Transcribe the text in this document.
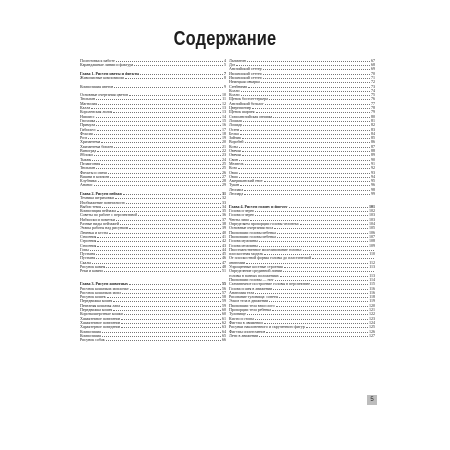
Содержание
Подготовка к работе	4
Карандашные линии и фактура	5
Глава 1. Рисуем цветы и фрукты	7
Живописные композиции	8
Композиция цветов	9
Основные очертания цветов	10
Тюльпан	11
Магнолия	12
Калла	13
Королевская лилия	13
Нарцисс	14
Гвоздика	15
Примула	16
Гибискус	17
Фуксия	18
Роза	19
Хризантема	20
Хризантема бордер	21
Виноград	22
Яблоки	23
Тыквы	24
Пеларгония	25
Тюльпан	25
Фрукты и орехи	26
Вишни в корзине	27
Клубника	28
Ананас	29
Глава 2. Рисуем пейзаж	31
Техника штриховки	32
Изображение поверхности	33
Выбор темы	34
Композиция пейзажа	35
Советы по работе с перспективой	36
Наброски и пометки	37
Разные виды пейзажей	38
Этапы работы над рисунком	39
Деревья и кусты	40
Строения	41
Строения	42
Строения	43
Горы	44
Пустыня	45
Пустыня	46
Скалы	47
Рисунок камня	48
Реки и камни	51
Глава 3. Рисуем животных	55
Рисунок кошачьих мордочку	56
Рисунок кошачьих морд	57
Рисунок кошек	58
Передвижка кошек	59
Передняя кошачья лапа	59
Передвижка кошек	60
Короткошерстные кошки	60
Характерное поведение	61
Характерное поведение	62
Характерное поведение	63
Композиция	64
Композиция	65
Рисунок собак	66
Далматин	67
Дог	68
Английский сеттер	69
Ирландский сеттер	70
Ирландский сеттер	71
Немецкая овчарка	72
Сенбернар	73
Колли	74
Колли	75
Щенок бостон-терьера	76
Английский бульдог	77
Цвергпинчер	78
Щенок шарпея	79
Староанглийская овчарка	80
Лошадь	81
Лошадь	82
Осень	83
Белка	84
Зайчик	85
Воробей	86
Козы	87
Овечьи	88
Овечьи	89
Свин	90
Медведь	91
Коза	92
Овца	93
Овца	94
Американский енот	95
Тукан	96
Леопард	98
Леопард	99
Глава 4. Рисуем голову и фигуру	101
Голова и череп	102
Голова и череп	103
Черты лица	103
Определяем пропорции головы человека	104
Основные очертания носа	105
Пропорции головы ребенка	106
Пропорции головы ребенка	107
Голова мужчины	108
Голова мужчины	109
Пространственное моделирование головы:
плоскостная модель	110
От плоскостной формы головы до пластической
анатомии	112
Упрощенные костные строения	113
Определение срединной линии
головы в разных положениях	113
Пропорции головы — ноу	114
Схематичное построение головы в перспективе	115
Голова и шея в движении	116
Анатомия тела	116
Рисование туловища: советы	118
Эскиз тела в движении	119
Пропорции тела взрослого	120
Пропорции тела ребенка	121
Туловище	122
Кисти и стопы	123
Фигура в движении	124
Рисунки наклоненного и скрученного фигур	125
Фигуры спортсменов	126
Дети в движении	127
5
